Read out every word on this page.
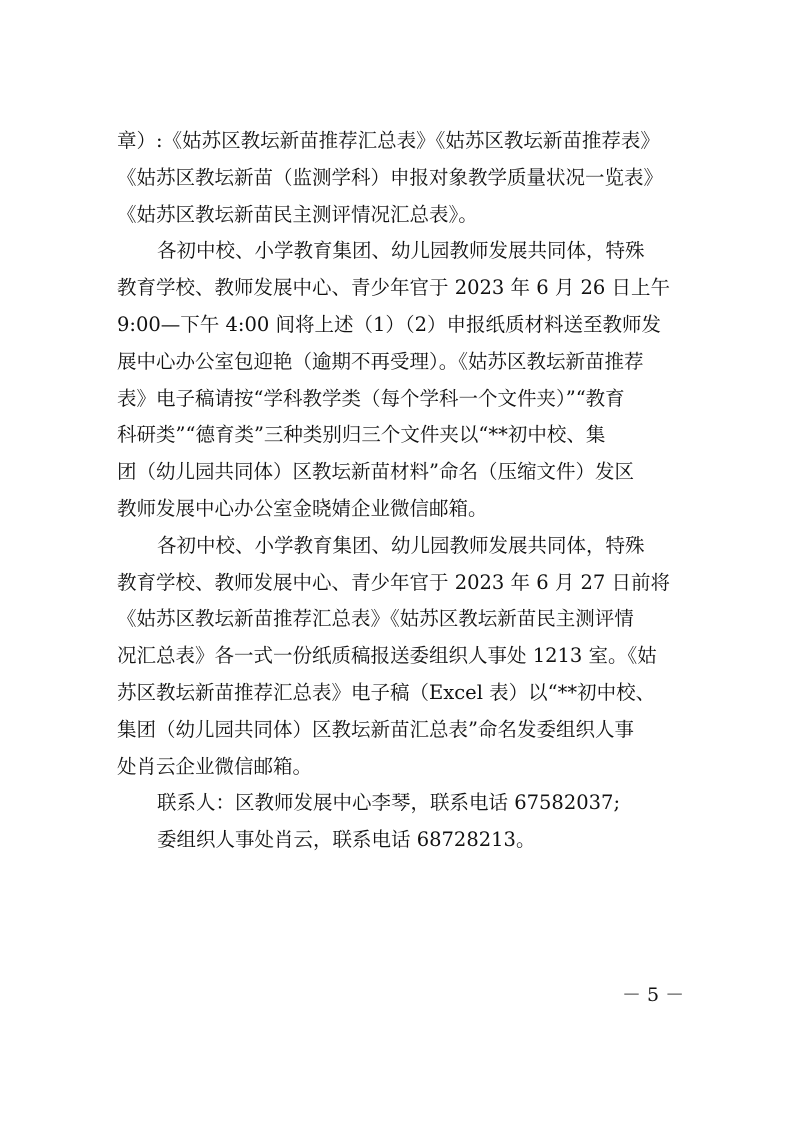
章）:《姑苏区教坛新苗推荐汇总表》《姑苏区教坛新苗推荐表》
《姑苏区教坛新苗（监测学科）申报对象教学质量状况一览表》
《姑苏区教坛新苗民主测评情况汇总表》。
各初中校、小学教育集团、幼儿园教师发展共同体，特殊
教育学校、教师发展中心、青少年官于 2023 年 6 月 26 日上午
9:00—下午 4:00 间将上述（1）（2）申报纸质材料送至教师发
展中心办公室包迎艳（逾期不再受理）。《姑苏区教坛新苗推荐
表》电子稿请按“学科教学类（每个学科一个文件夹）”“教育
科研类”“德育类”三种类别归三个文件夹以“**初中校、集
团（幼儿园共同体）区教坛新苗材料”命名（压缩文件）发区
教师发展中心办公室金晓婧企业微信邮箱。
各初中校、小学教育集团、幼儿园教师发展共同体，特殊
教育学校、教师发展中心、青少年官于 2023 年 6 月 27 日前将
《姑苏区教坛新苗推荐汇总表》《姑苏区教坛新苗民主测评情
况汇总表》各一式一份纸质稿报送委组织人事处 1213 室。《姑
苏区教坛新苗推荐汇总表》电子稿（Excel 表）以“**初中校、
集团（幼儿园共同体）区教坛新苗汇总表”命名发委组织人事
处肖云企业微信邮箱。
联系人：区教师发展中心李琴，联系电话 67582037;
委组织人事处肖云，联系电话 68728213。
－ 5 －
